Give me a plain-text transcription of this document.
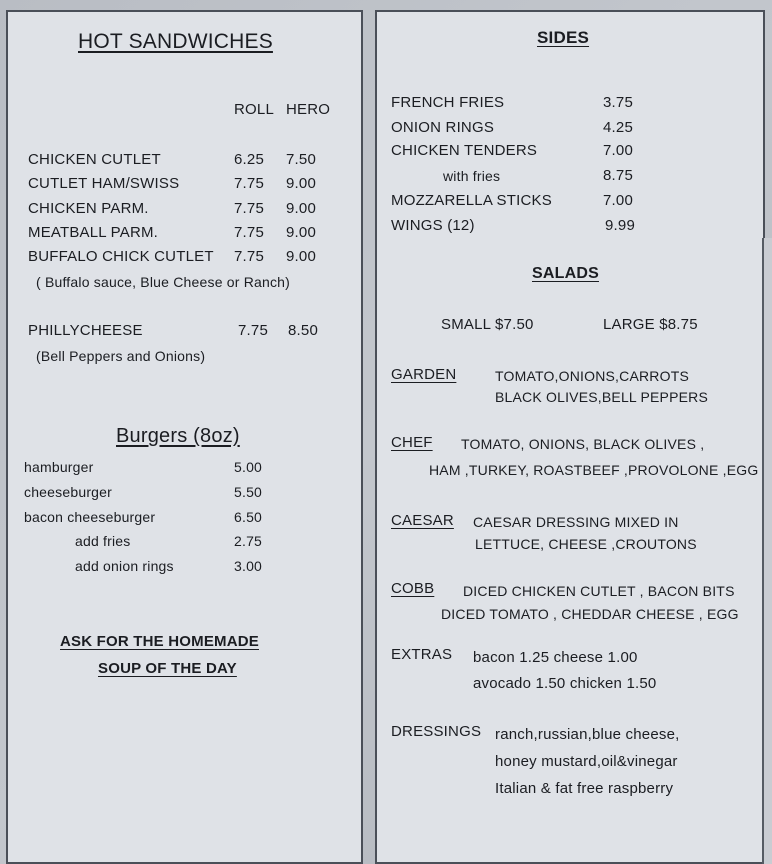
HOT SANDWICHES
ROLL HERO
CHICKEN CUTLET	6.25 7.50
CUTLET HAM/SWISS	7.75 9.00
CHICKEN PARM.	7.75 9.00
MEATBALL PARM.	7.75 9.00
BUFFALO CHICK CUTLET 7.75 9.00
( Buffalo sauce, Blue Cheese or Ranch)
PHILLYCHEESE	7.75 8.50
(Bell Peppers and Onions)
Burgers (8oz)
hamburger	5.00
cheeseburger	5.50
bacon cheeseburger	6.50
add fries	2.75
add onion rings	3.00
ASK FOR THE HOMEMADE
SOUP OF THE DAY
SIDES
FRENCH FRIES	3.75
ONION RINGS	4.25
CHICKEN TENDERS	7.00
with fries	8.75
MOZZARELLA STICKS	7.00
WINGS (12)	9.99
SALADS
SMALL $7.50	LARGE $8.75
GARDEN	TOMATO,ONIONS,CARROTS
BLACK OLIVES,BELL PEPPERS
CHEF TOMATO, ONIONS, BLACK OLIVES ,
HAM ,TURKEY, ROASTBEEF ,PROVOLONE ,EGG
CAESAR CAESAR DRESSING MIXED IN
LETTUCE, CHEESE ,CROUTONS
COBB DICED CHICKEN CUTLET , BACON BITS
DICED TOMATO , CHEDDAR CHEESE , EGG
EXTRAS bacon 1.25 cheese 1.00
avocado 1.50 chicken 1.50
DRESSINGS ranch,russian,blue cheese,
honey mustard,oil&vinegar
Italian & fat free raspberry
